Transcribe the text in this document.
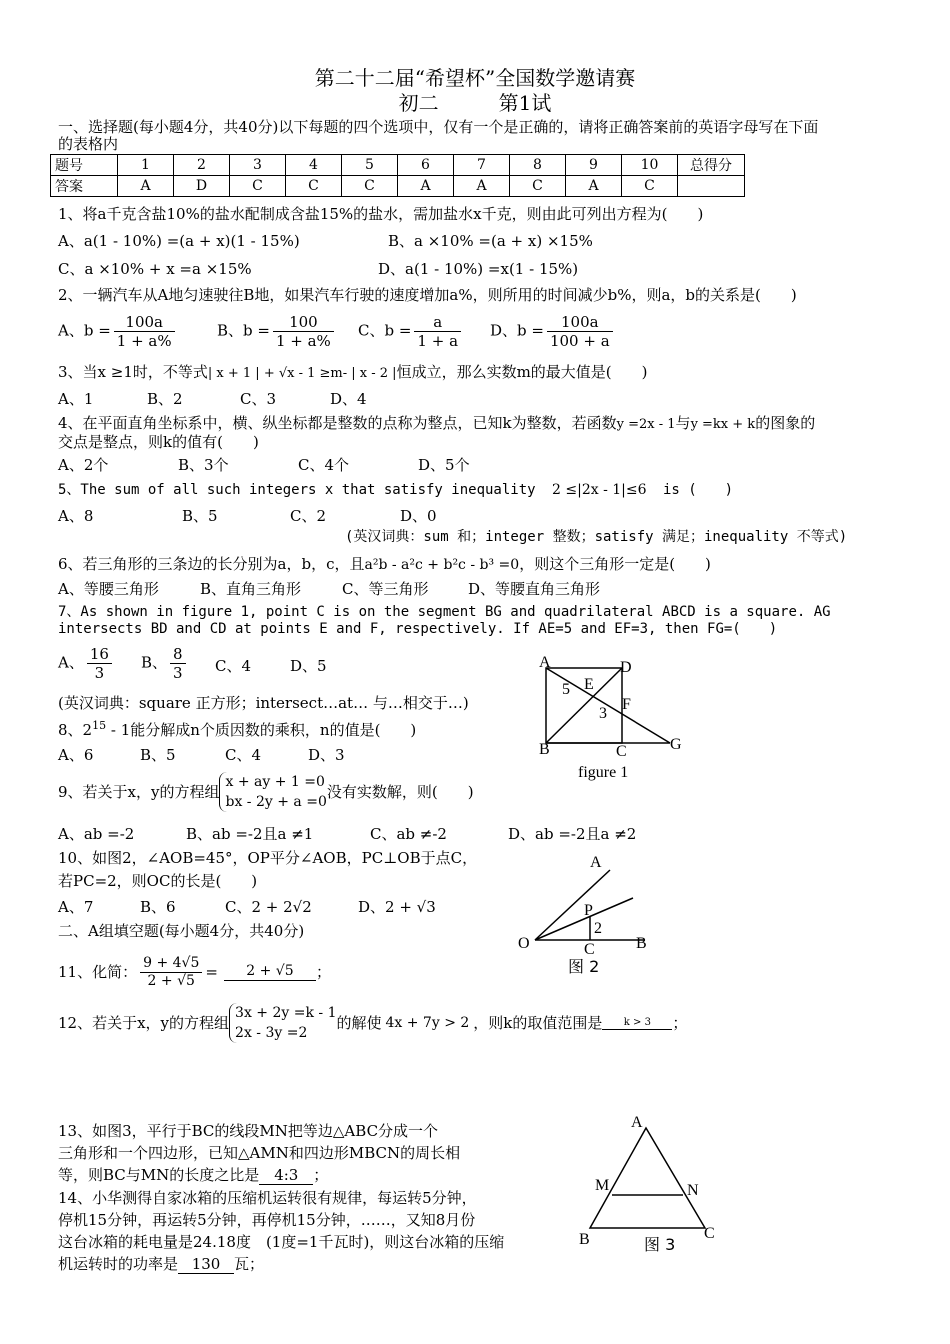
第二十二届“希望杯”全国数学邀请赛
初二　　　第1试
一、选择题(每小题4分，共40分)以下每题的四个选项中，仅有一个是正确的，请将正确答案前的英语字母写在下面
的表格内
题号	1	2	3	4	5	6	7	8	9	10	总得分
答案	A	D	C	C	C	A	A	C	A	C	
1、将a千克含盐10%的盐水配制成含盐15%的盐水，需加盐水x千克，则由此可列出方程为(　　)
A、a(1 - 10%) =(a + x)(1 - 15%)	B、a ×10% =(a + x) ×15%
C、a ×10% + x =a ×15%	D、a(1 - 10%) =x(1 - 15%)
2、一辆汽车从A地匀速驶往B地，如果汽车行驶的速度增加a%，则所用的时间减少b%，则a，b的关系是(　　)
A、$b = \frac{100a}{1 + a\%}$	B、$b = \frac{100}{1 + a\%}$ C、$b = \frac{a}{1 + a}$ D、$b = \frac{100a}{100 + a}$
3、当x ≥1时，不等式| x + 1 | + √x - 1 ≥m- | x - 2 |恒成立，那么实数m的最大值是(　　)
A、1	B、2	C、3	D、4
4、在平面直角坐标系中，横、纵坐标都是整数的点称为整点，已知k为整数，若函数y =2x - 1与y =kx + k的图象的
交点是整点，则k的值有(　　)
A、2个	B、3个	C、4个	D、5个
5、The sum of all such integers x that satisfy inequality 2 ≤|2x - 1|≤6 is (　　)
A、8	B、5	C、2	D、0
(英汉词典：sum 和；integer 整数；satisfy 满足；inequality 不等式)
6、若三角形的三条边的长分别为a，b，c，且a²b - a²c + b²c - b³ =0，则这个三角形一定是(　　)
A、等腰三角形	B、直角三角形	C、等三角形	D、等腰直角三角形
7、As shown in figure 1, point C is on the segment BG and quadrilateral ABCD is a square. AG
intersects BD and CD at points E and F, respectively. If AE=5 and EF=3, then FG=(　　)
A、 $\frac{16}{3}$ B、 $\frac{8}{3}$ C、4	D、5
(英汉词典：square 正方形；intersect…at… 与…相交于…)
A	D
E
F
5
3
B	C	G
figure 1
8、$2^{15} - 1$能分解成n个质因数的乘积，n的值是(　　)
A、6	B、5	C、4	D、3
9、若关于x，y的方程组
x + ay + 1 =0
bx - 2y + a =0
没有实数解，则(　　)
A、ab =-2	B、ab =-2且a ≠1	C、ab ≠-2	D、ab =-2且a ≠2
10、如图2，∠AOB=45°，OP平分∠AOB，PC⊥OB于点C，
若PC=2，则OC的长是(　　)
A、7	B、6	C、2 + 2√2	D、2 + √3
A
P
2
O	C	B
图 2
二、A组填空题(每小题4分，共40分)
11、化简： $\frac{9 + 4√5}{2 + √5}$ =	2 + √5	；
12、若关于x，y的方程组
3x + 2y =k - 1
2x - 3y =2
的解使 4x + 7y > 2 ，则k的取值范围是	k > 3	；
13、如图3，平行于BC的线段MN把等边△ABC分成一个
三角形和一个四边形，已知△AMN和四边形MBCN的周长相
等，则BC与MN的长度之比是 4:3 ；
14、小华测得自家冰箱的压缩机运转很有规律，每运转5分钟，
停机15分钟，再运转5分钟，再停机15分钟，……，又知8月份
这台冰箱的耗电量是24.18度　(1度=1千瓦时)，则这台冰箱的压缩
机运转时的功率是 130 瓦；
A
M	N
B	C
图 3
